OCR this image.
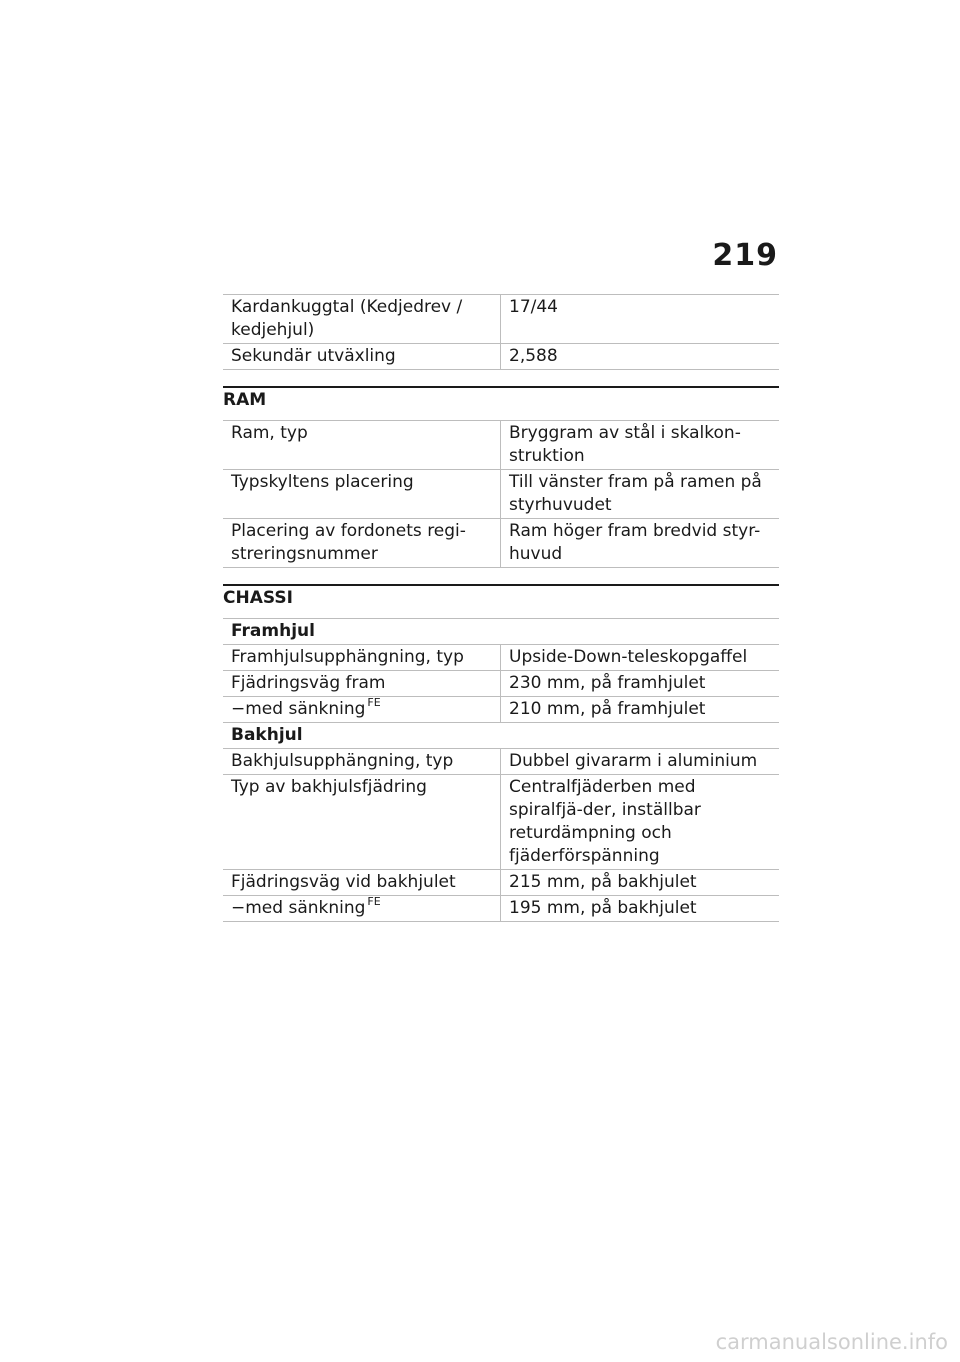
219
Kardankuggtal (Kedjedrev / kedjehjul)	17/44
Sekundär utväxling	2,588
RAM
Ram, typ	Bryggram av stål i skalkon-struktion
Typskyltens placering	Till vänster fram på ramen på styrhuvudet
Placering av fordonets regi-streringsnummer	Ram höger fram bredvid styr-huvud
CHASSI
Framhjul	
Framhjulsupphängning, typ	Upside-Down-teleskopgaffel
Fjädringsväg fram	230 mm, på framhjulet
−med sänkning $^{FE}$	210 mm, på framhjulet
Bakhjul	
Bakhjulsupphängning, typ	Dubbel givararm i aluminium
Typ av bakhjulsfjädring	Centralfjäderben med spiralfjä-der, inställbar returdämpning och fjäderförspänning
Fjädringsväg vid bakhjulet	215 mm, på bakhjulet
−med sänkning $^{FE}$	195 mm, på bakhjulet
carmanualsonline.info
